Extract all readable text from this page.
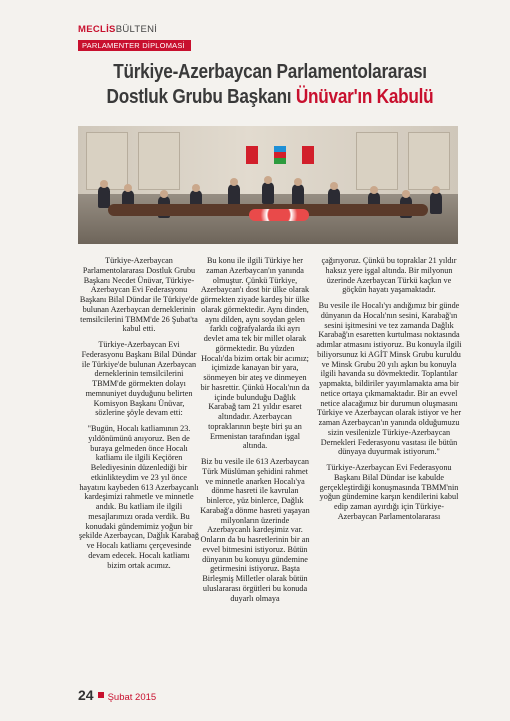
MECLİSBÜLTENİ
PARLAMENTER DİPLOMASİ
Türkiye-Azerbaycan Parlamentolararası
Dostluk Grubu Başkanı Ünüvar'ın Kabulü

Türkiye-Azerbaycan Parlamentolararası Dostluk Grubu Başkanı Necdet Ünüvar, Türkiye-Azerbaycan Evi Federasyonu Başkanı Bilal Dündar ile Türkiye'de bulunan Azerbaycan derneklerinin temsilcilerini TBMM'de 26 Şubat'ta kabul etti.

Türkiye-Azerbaycan Evi Federasyonu Başkanı Bilal Dündar ile Türkiye'de bulunan Azerbaycan derneklerinin temsilcilerini TBMM'de görmekten dolayı memnuniyet duyduğunu belirten Komisyon Başkanı Ünüvar, sözlerine şöyle devam etti:

"Bugün, Hocalı katliamının 23. yıldönümünü anıyoruz. Ben de buraya gelmeden önce Hocalı katliamı ile ilgili Keçiören Belediyesinin düzenlediği bir etkinlikteydim ve 23 yıl önce hayatını kaybeden 613 Azerbaycanlı kardeşimizi rahmetle ve minnetle andık. Bu katliam ile ilgili mesajlarımızı orada verdik. Bu konudaki gündemimiz yoğun bir şekilde Azerbaycan, Dağlık Karabağ ve Hocalı katliamı çerçevesinde devam edecek. Hocalı katliamı bizim ortak acımız.

Bu konu ile ilgili Türkiye her zaman Azerbaycan'ın yanında olmuştur. Çünkü Türkiye, Azerbaycan'ı dost bir ülke olarak görmekten ziyade kardeş bir ülke olarak görmektedir. Aynı dinden, aynı dilden, aynı soydan gelen farklı coğrafyalarda iki ayrı devlet ama tek bir millet olarak görmektedir. Bu yüzden Hocalı'da bizim ortak bir acımız; içimizde kanayan bir yara, sönmeyen bir ateş ve dinmeyen bir hasrettir. Çünkü Hocalı'nın da içinde bulunduğu Dağlık Karabağ tam 21 yıldır esaret altındadır. Azerbaycan topraklarının beşte biri şu an Ermenistan tarafından işgal altında.

Biz bu vesile ile 613 Azerbaycan Türk Müslüman şehidini rahmet ve minnetle anarken Hocalı'ya dönme hasreti ile kavrulan binlerce, yüz binlerce, Dağlık Karabağ'a dönme hasreti yaşayan milyonların üzerinde Azerbaycanlı kardeşimiz var. Onların da bu hasretlerinin bir an evvel bitmesini istiyoruz. Bütün dünyanın bu konuyu gündemine getirmesini istiyoruz. Başta Birleşmiş Milletler olarak bütün uluslararası örgütleri bu konuda duyarlı olmaya

çağırıyoruz. Çünkü bu topraklar 21 yıldır haksız yere işgal altında. Bir milyonun üzerinde Azerbaycan Türkü kaçkın ve göçkün hayatı yaşamaktadır.

Bu vesile ile Hocalı'yı andığımız bir günde dünyanın da Hocalı'nın sesini, Karabağ'ın sesini işitmesini ve tez zamanda Dağlık Karabağ'ın esaretten kurtulması noktasında adımlar atmasını istiyoruz. Bu konuyla ilgili biliyorsunuz ki AGİT Minsk Grubu kuruldu ve Minsk Grubu 20 yılı aşkın bu konuyla ilgili havanda su dövmektedir. Toplantılar yapmakta, bildiriler yayımlamakta ama bir netice ortaya çıkmamaktadır. Bir an evvel netice alacağımız bir durumun oluşmasını Türkiye ve Azerbaycan olarak istiyor ve her zaman Azerbaycan'ın yanında olduğumuzu sizin vesilenizle Türkiye-Azerbaycan Dernekleri Federasyonu vasıtası ile bütün dünyaya duyurmak istiyorum."

Türkiye-Azerbaycan Evi Federasyonu Başkanı Bilal Dündar ise kabulde gerçekleştirdiği konuşmasında TBMM'nin yoğun gündemine karşın kendilerini kabul edip zaman ayırdığı için Türkiye-Azerbaycan Parlamentolararası

24 Şubat 2015
